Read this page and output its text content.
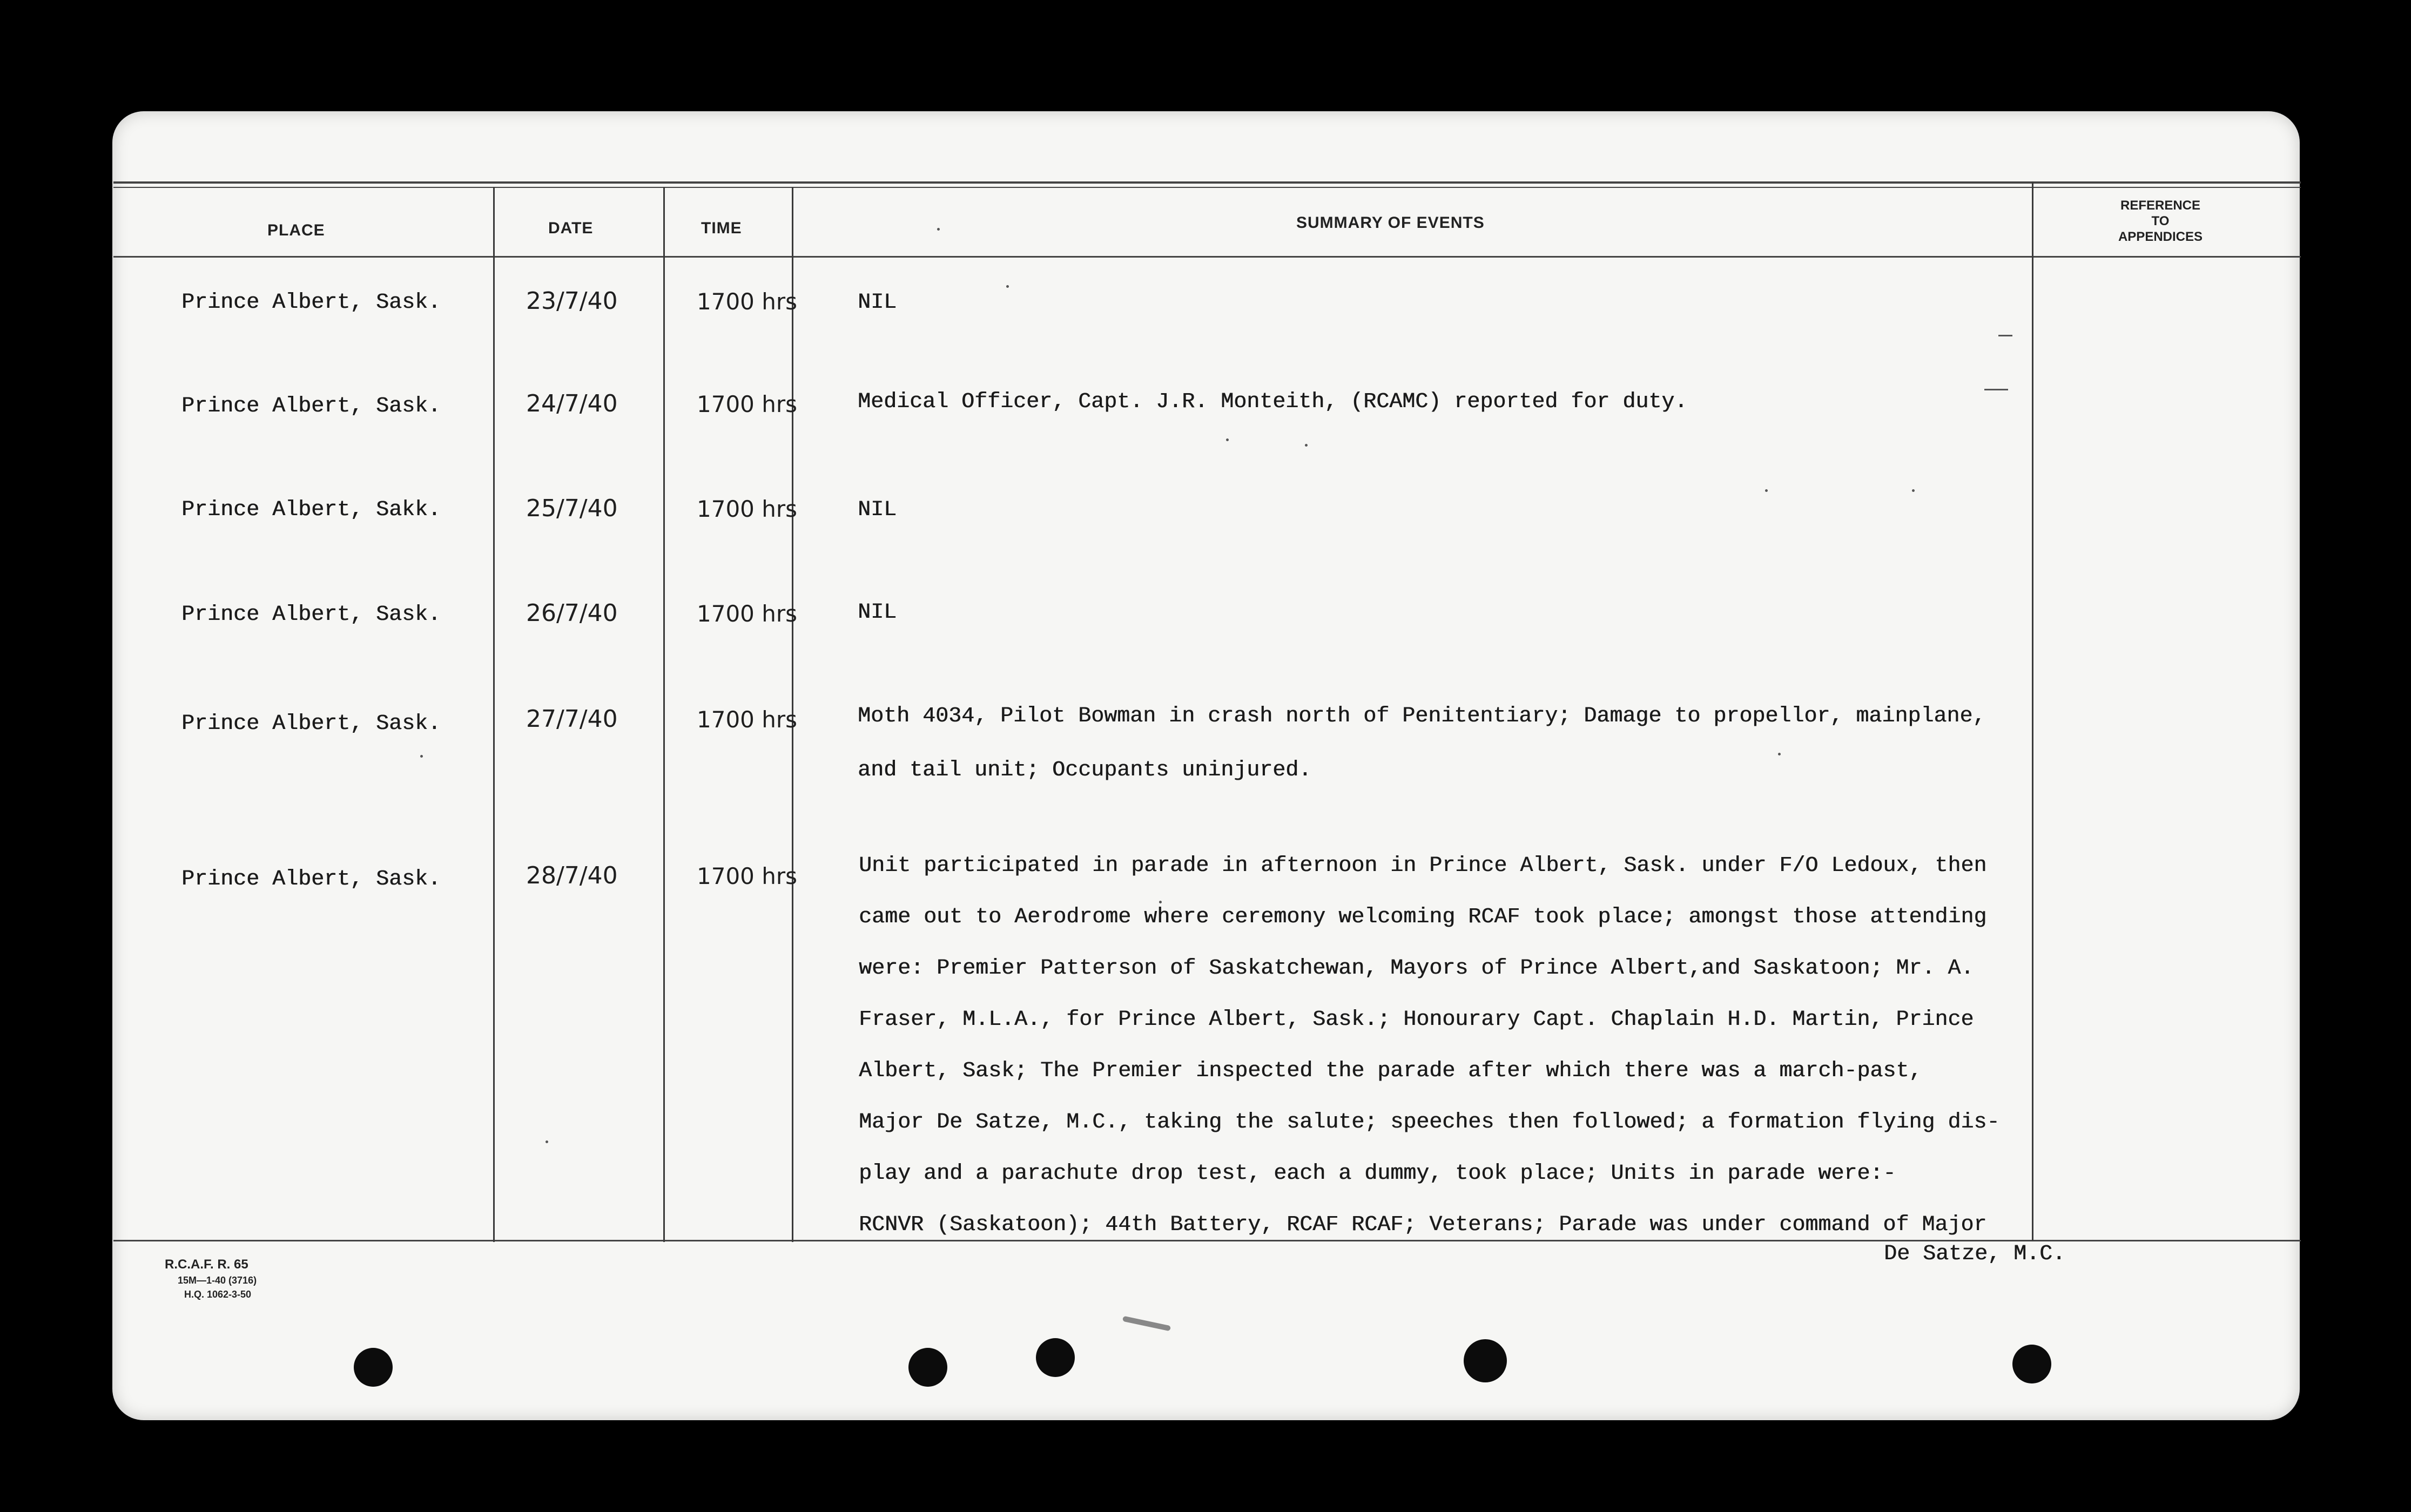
PLACE	DATE	TIME	SUMMARY OF EVENTS
REFERENCE
TO
APPENDICES
Prince Albert, Sask.	23/7/40	1700 hrs	NIL
Prince Albert, Sask.	24/7/40	1700 hrs	Medical Officer, Capt. J.R. Monteith, (RCAMC) reported for duty.
Prince Albert, Sakk.	25/7/40	1700 hrs	NIL
Prince Albert, Sask.	26/7/40	1700 hrs	NIL
Prince Albert, Sask.	27/7/40	1700 hrs	Moth 4034, Pilot Bowman in crash north of Penitentiary; Damage to propellor, mainplane,
and tail unit; Occupants uninjured.
Prince Albert, Sask.	28/7/40	1700 hrs	Unit participated in parade in afternoon in Prince Albert, Sask. under F/O Ledoux, then
came out to Aerodrome where ceremony welcoming RCAF took place; amongst those attending
were: Premier Patterson of Saskatchewan, Mayors of Prince Albert,and Saskatoon; Mr. A.
Fraser, M.L.A., for Prince Albert, Sask.; Honourary Capt. Chaplain H.D. Martin, Prince
Albert, Sask; The Premier inspected the parade after which there was a march-past,
Major De Satze, M.C., taking the salute; speeches then followed; a formation flying dis-
play and a parachute drop test, each a dummy, took place; Units in parade were:-
RCNVR (Saskatoon); 44th Battery, RCAF RCAF; Veterans; Parade was under command of Major
De Satze, M.C.
R.C.A.F. R. 65
15M—1-40 (3716)
H.Q. 1062-3-50
